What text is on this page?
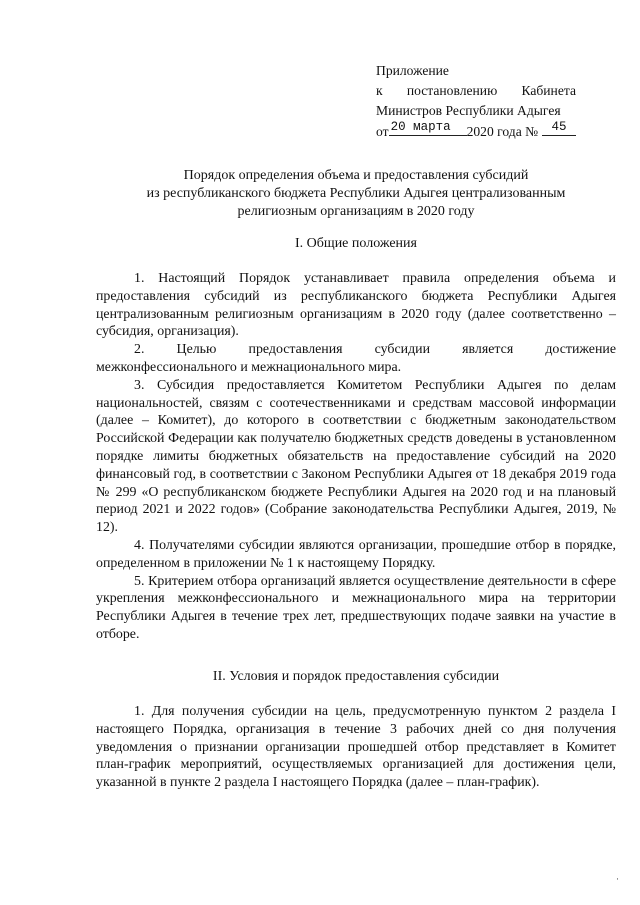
Приложение
к постановлению Кабинета
Министров Республики Адыгея
от 20 марта 2020 года № 45
Порядок определения объема и предоставления субсидий
из республиканского бюджета Республики Адыгея централизованным
религиозным организациям в 2020 году
I. Общие положения

1. Настоящий Порядок устанавливает правила определения объема и предоставления субсидий из республиканского бюджета Республики Адыгея централизованным религиозным организациям в 2020 году (далее соответственно – субсидия, организация).

2. Целью предоставления субсидии является достижение межконфессионального и межнационального мира.

3. Субсидия предоставляется Комитетом Республики Адыгея по делам национальностей, связям с соотечественниками и средствам массовой информации (далее – Комитет), до которого в соответствии с бюджетным законодательством Российской Федерации как получателю бюджетных средств доведены в установленном порядке лимиты бюджетных обязательств на предоставление субсидий на 2020 финансовый год, в соответствии с Законом Республики Адыгея от 18 декабря 2019 года № 299 «О республиканском бюджете Республики Адыгея на 2020 год и на плановый период 2021 и 2022 годов» (Собрание законодательства Республики Адыгея, 2019, № 12).

4. Получателями субсидии являются организации, прошедшие отбор в порядке, определенном в приложении № 1 к настоящему Порядку.

5. Критерием отбора организаций является осуществление деятельности в сфере укрепления межконфессионального и межнационального мира на территории Республики Адыгея в течение трех лет, предшествующих подаче заявки на участие в отборе.

II. Условия и порядок предоставления субсидии

1. Для получения субсидии на цель, предусмотренную пунктом 2 раздела I настоящего Порядка, организация в течение 3 рабочих дней со дня получения уведомления о признании организации прошедшей отбор представляет в Комитет план-график мероприятий, осуществляемых организацией для достижения цели, указанной в пункте 2 раздела I настоящего Порядка (далее – план-график).

·
